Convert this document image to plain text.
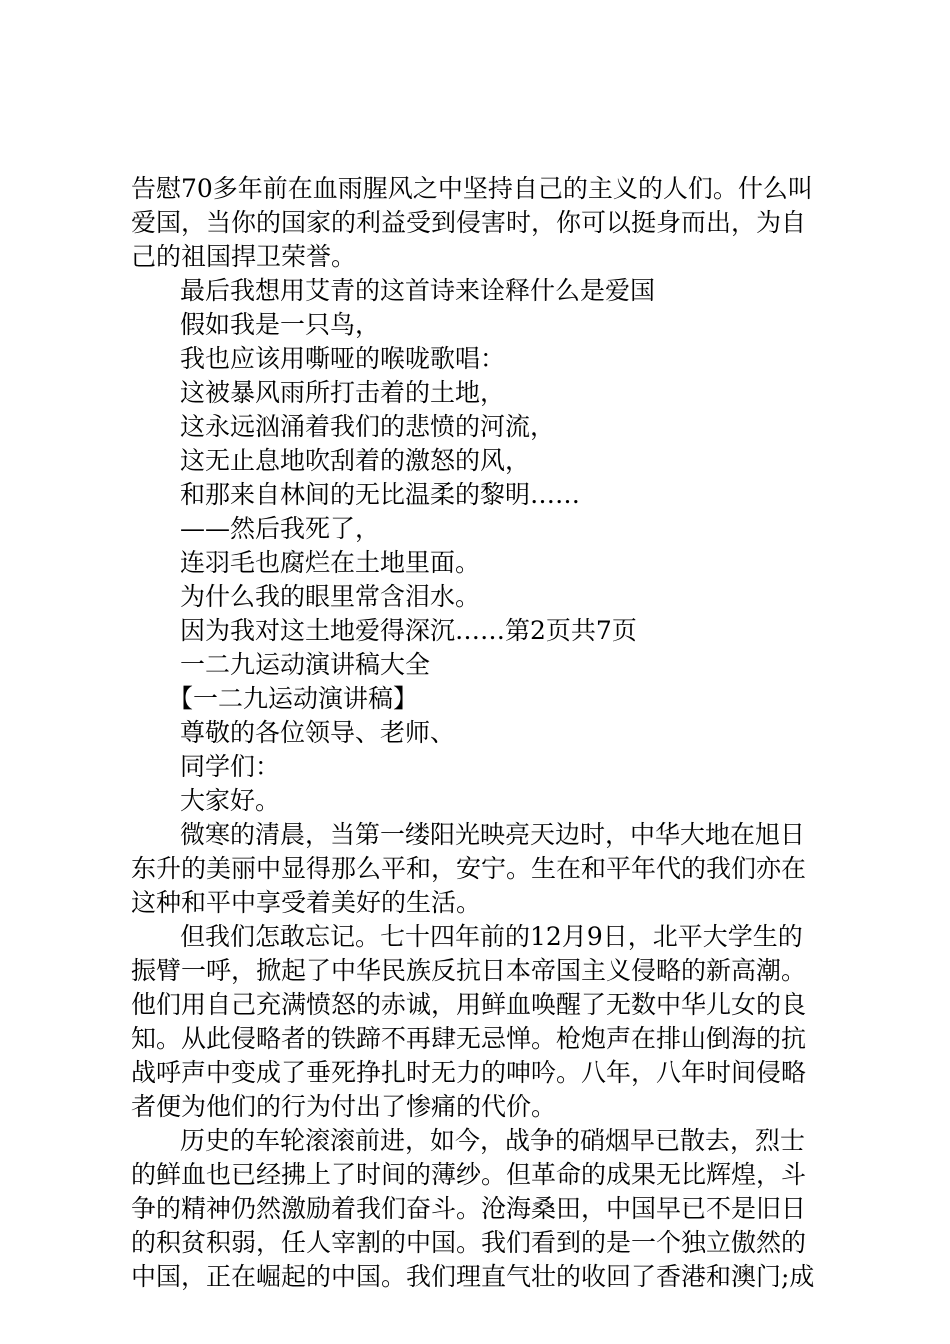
告慰70多年前在血雨腥风之中坚持自己的主义的人们。什么叫
爱国，当你的国家的利益受到侵害时，你可以挺身而出，为自
己的祖国捍卫荣誉。
最后我想用艾青的这首诗来诠释什么是爱国
假如我是一只鸟，
我也应该用嘶哑的喉咙歌唱：
这被暴风雨所打击着的土地，
这永远汹涌着我们的悲愤的河流，
这无止息地吹刮着的激怒的风，
和那来自林间的无比温柔的黎明……
——然后我死了，
连羽毛也腐烂在土地里面。
为什么我的眼里常含泪水。
因为我对这土地爱得深沉……第2页共7页
一二九运动演讲稿大全
【一二九运动演讲稿】
尊敬的各位领导、老师、
同学们：
大家好。
微寒的清晨，当第一缕阳光映亮天边时，中华大地在旭日
东升的美丽中显得那么平和，安宁。生在和平年代的我们亦在
这种和平中享受着美好的生活。
但我们怎敢忘记。七十四年前的12月9日，北平大学生的
振臂一呼，掀起了中华民族反抗日本帝国主义侵略的新高潮。
他们用自己充满愤怒的赤诚，用鲜血唤醒了无数中华儿女的良
知。从此侵略者的铁蹄不再肆无忌惮。枪炮声在排山倒海的抗
战呼声中变成了垂死挣扎时无力的呻吟。八年，八年时间侵略
者便为他们的行为付出了惨痛的代价。
历史的车轮滚滚前进，如今，战争的硝烟早已散去，烈士
的鲜血也已经拂上了时间的薄纱。但革命的成果无比辉煌，斗
争的精神仍然激励着我们奋斗。沧海桑田，中国早已不是旧日
的积贫积弱，任人宰割的中国。我们看到的是一个独立傲然的
中国，正在崛起的中国。我们理直气壮的收回了香港和澳门;成
